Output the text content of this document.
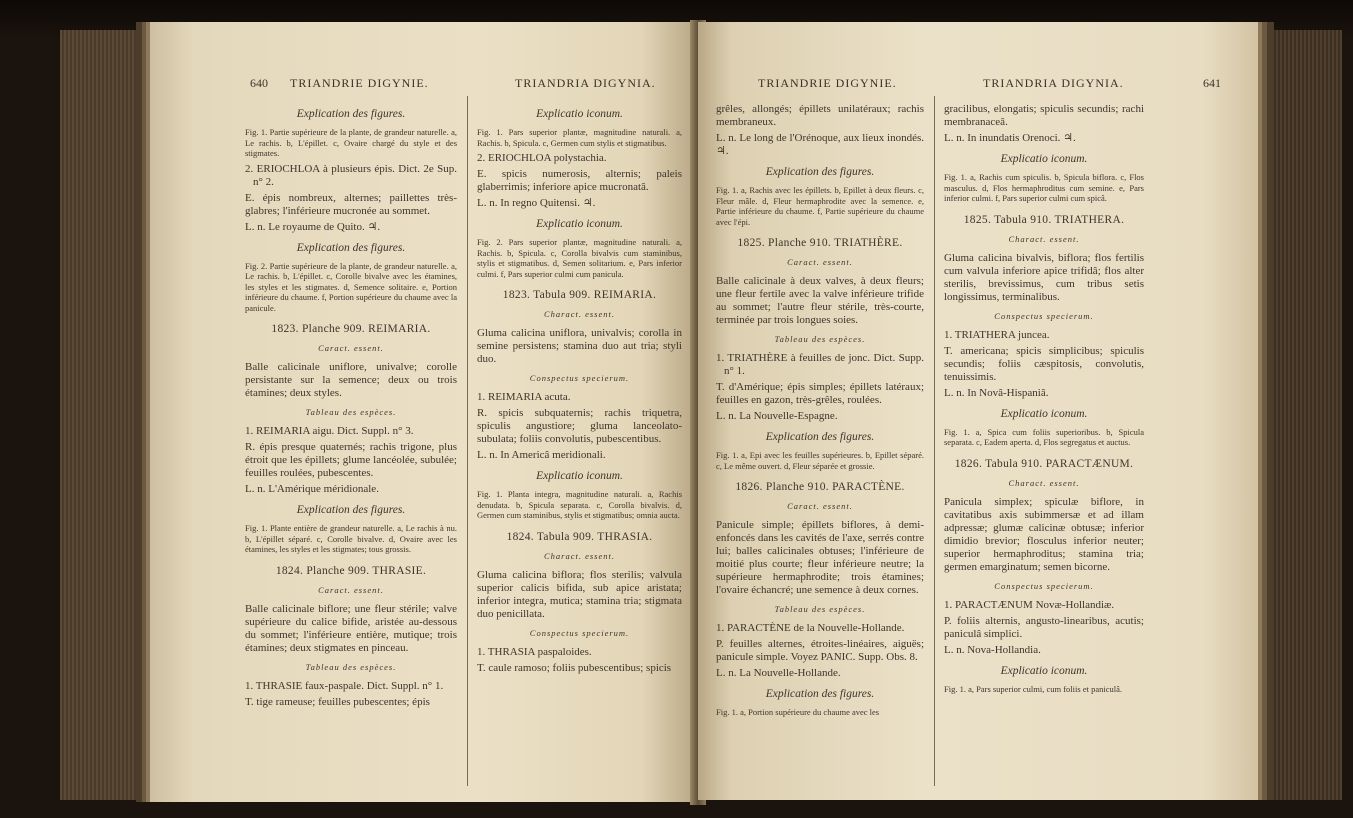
640 TRIANDRIE DIGYNIE.	TRIANDRIA DIGYNIA.
Explication des figures.

Fig. 1. Partie supérieure de la plante, de grandeur naturelle. a, Le rachis. b, L'épillet. c, Ovaire chargé du style et des stigmates.

2. ERIOCHLOA à plusieurs épis. Dict. 2e Sup. n° 2.

E. épis nombreux, alternes; paillettes très-glabres; l'inférieure mucronée au sommet.

L. n. Le royaume de Quito. ♃.

Explication des figures.

Fig. 2. Partie supérieure de la plante, de grandeur naturelle. a, Le rachis. b, L'épillet. c, Corolle bivalve avec les étamines, les styles et les stigmates. d, Semence solitaire. e, Portion inférieure du chaume. f, Portion supérieure du chaume avec la panicule.

1823. Planche 909. REIMARIA.
Caract. essent.

Balle calicinale uniflore, univalve; corolle persistante sur la semence; deux ou trois étamines; deux styles.

Tableau des espèces.

1. REIMARIA aigu. Dict. Suppl. n° 3.

R. épis presque quaternés; rachis trigone, plus étroit que les épillets; glume lancéolée, subulée; feuilles roulées, pubescentes.

L. n. L'Amérique méridionale.

Explication des figures.

Fig. 1. Plante entière de grandeur naturelle. a, Le rachis à nu. b, L'épillet séparé. c, Corolle bivalve. d, Ovaire avec les étamines, les styles et les stigmates; tous grossis.

1824. Planche 909. THRASIE.
Caract. essent.

Balle calicinale biflore; une fleur stérile; valve supérieure du calice bifide, aristée au-dessous du sommet; l'inférieure entière, mutique; trois étamines; deux stigmates en pinceau.

Tableau des espèces.

1. THRASIE faux-paspale. Dict. Suppl. n° 1.

T. tige rameuse; feuilles pubescentes; épis

Explicatio iconum.

Fig. 1. Pars superior plantæ, magnitudine naturali. a, Rachis. b, Spicula. c, Germen cum stylis et stigmatibus.

2. ERIOCHLOA polystachia.

E. spicis numerosis, alternis; paleis glaberrimis; inferiore apice mucronatâ.

L. n. In regno Quitensi. ♃.

Explicatio iconum.

Fig. 2. Pars superior plantæ, magnitudine naturali. a, Rachis. b, Spicula. c, Corolla bivalvis cum staminibus, stylis et stigmatibus. d, Semen solitarium. e, Pars inferior culmi. f, Pars superior culmi cum panicula.

1823. Tabula 909. REIMARIA.
Charact. essent.

Gluma calicina uniflora, univalvis; corolla in semine persistens; stamina duo aut tria; styli duo.

Conspectus specierum.

1. REIMARIA acuta.

R. spicis subquaternis; rachis triquetra, spiculis angustiore; gluma lanceolato-subulata; foliis convolutis, pubescentibus.

L. n. In Americâ meridionali.

Explicatio iconum.

Fig. 1. Planta integra, magnitudine naturali. a, Rachis denudata. b, Spicula separata. c, Corolla bivalvis. d, Germen cum staminibus, stylis et stigmatibus; omnia aucta.

1824. Tabula 909. THRASIA.
Charact. essent.

Gluma calicina biflora; flos sterilis; valvula superior calicis bifida, sub apice aristata; inferior integra, mutica; stamina tria; stigmata duo penicillata.

Conspectus specierum.

1. THRASIA paspaloides.

T. caule ramoso; foliis pubescentibus; spicis

TRIANDRIE DIGYNIE.	TRIANDRIA DIGYNIA.	641

grêles, allongés; épillets unilatéraux; rachis membraneux.

L. n. Le long de l'Orénoque, aux lieux inondés. ♃.

Explication des figures.

Fig. 1. a, Rachis avec les épillets. b, Epillet à deux fleurs. c, Fleur mâle. d, Fleur hermaphrodite avec la semence. e, Partie inférieure du chaume. f, Partie supérieure du chaume avec l'épi.

1825. Planche 910. TRIATHÈRE.
Caract. essent.

Balle calicinale à deux valves, à deux fleurs; une fleur fertile avec la valve inférieure trifide au sommet; l'autre fleur stérile, très-courte, terminée par trois longues soies.

Tableau des espèces.

1. TRIATHÈRE à feuilles de jonc. Dict. Supp. n° 1.

T. d'Amérique; épis simples; épillets latéraux; feuilles en gazon, très-grêles, roulées.

L. n. La Nouvelle-Espagne.

Explication des figures.

Fig. 1. a, Epi avec les feuilles supérieures. b, Epillet séparé. c, Le même ouvert. d, Fleur séparée et grossie.

1826. Planche 910. PARACTÈNE.
Caract. essent.

Panicule simple; épillets biflores, à demi-enfoncés dans les cavités de l'axe, serrés contre lui; balles calicinales obtuses; l'inférieure de moitié plus courte; fleur inférieure neutre; la supérieure hermaphrodite; trois étamines; l'ovaire échancré; une semence à deux cornes.

Tableau des espèces.

1. PARACTÈNE de la Nouvelle-Hollande.

P. feuilles alternes, étroites-linéaires, aiguës; panicule simple. Voyez PANIC. Supp. Obs. 8.

L. n. La Nouvelle-Hollande.

Explication des figures.

Fig. 1. a, Portion supérieure du chaume avec les

gracilibus, elongatis; spiculis secundis; rachi membranaceâ.

L. n. In inundatis Orenoci. ♃.

Explicatio iconum.

Fig. 1. a, Rachis cum spiculis. b, Spicula biflora. c, Flos masculus. d, Flos hermaphroditus cum semine. e, Pars inferior culmi. f, Pars superior culmi cum spicâ.

1825. Tabula 910. TRIATHERA.
Charact. essent.

Gluma calicina bivalvis, biflora; flos fertilis cum valvula inferiore apice trifidâ; flos alter sterilis, brevissimus, cum tribus setis longissimus, terminalibus.

Conspectus specierum.

1. TRIATHERA juncea.

T. americana; spicis simplicibus; spiculis secundis; foliis cæspitosis, convolutis, tenuissimis.

L. n. In Novâ-Hispaniâ.

Explicatio iconum.

Fig. 1. a, Spica cum foliis superioribus. b, Spicula separata. c, Eadem aperta. d, Flos segregatus et auctus.

1826. Tabula 910. PARACTÆNUM.
Charact. essent.

Panicula simplex; spiculæ biflore, in cavitatibus axis subimmersæ et ad illam adpressæ; glumæ calicinæ obtusæ; inferior dimidio brevior; flosculus inferior neuter; superior hermaphroditus; stamina tria; germen emarginatum; semen bicorne.

Conspectus specierum.

1. PARACTÆNUM Novæ-Hollandiæ.

P. foliis alternis, angusto-linearibus, acutis; paniculâ simplici.

L. n. Nova-Hollandia.

Explicatio iconum.

Fig. 1. a, Pars superior culmi, cum foliis et paniculâ.
